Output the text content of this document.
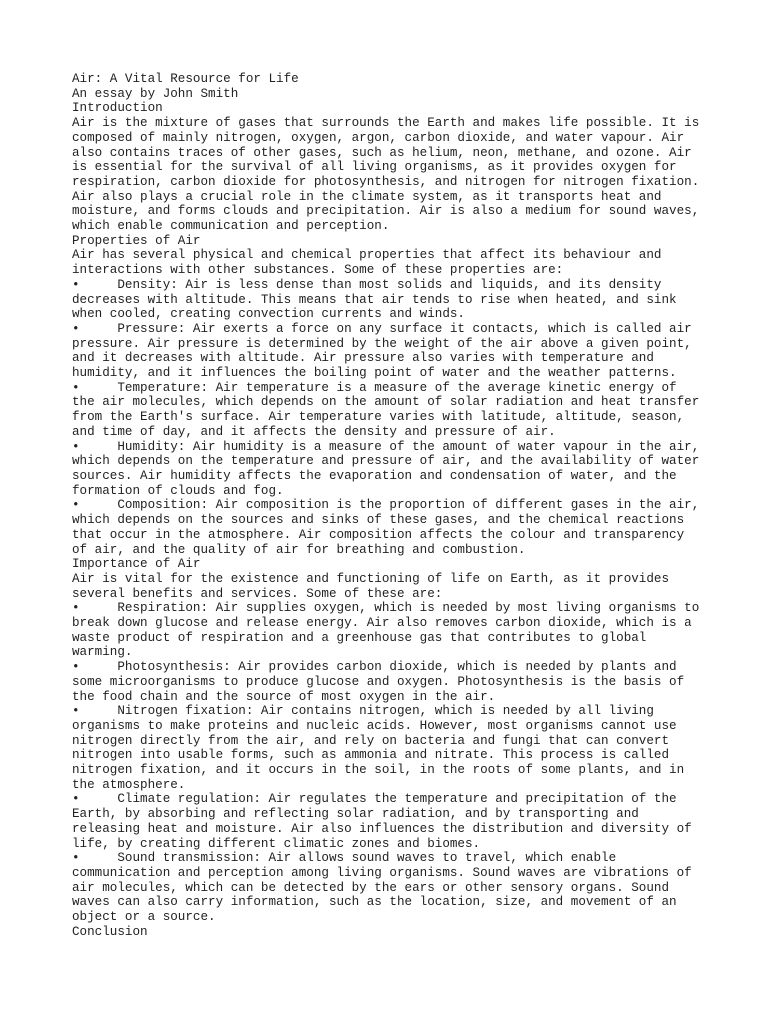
Air: A Vital Resource for Life

An essay by John Smith

Introduction

Air is the mixture of gases that surrounds the Earth and makes life possible. It is composed of mainly nitrogen, oxygen, argon, carbon dioxide, and water vapour. Air also contains traces of other gases, such as helium, neon, methane, and ozone. Air is essential for the survival of all living organisms, as it provides oxygen for respiration, carbon dioxide for photosynthesis, and nitrogen for nitrogen fixation. Air also plays a crucial role in the climate system, as it transports heat and moisture, and forms clouds and precipitation. Air is also a medium for sound waves, which enable communication and perception.

Properties of Air

Air has several physical and chemical properties that affect its behaviour and interactions with other substances. Some of these properties are:

•     Density: Air is less dense than most solids and liquids, and its density decreases with altitude. This means that air tends to rise when heated, and sink when cooled, creating convection currents and winds.

•     Pressure: Air exerts a force on any surface it contacts, which is called air pressure. Air pressure is determined by the weight of the air above a given point, and it decreases with altitude. Air pressure also varies with temperature and humidity, and it influences the boiling point of water and the weather patterns.

•     Temperature: Air temperature is a measure of the average kinetic energy of the air molecules, which depends on the amount of solar radiation and heat transfer from the Earth's surface. Air temperature varies with latitude, altitude, season, and time of day, and it affects the density and pressure of air.

•     Humidity: Air humidity is a measure of the amount of water vapour in the air, which depends on the temperature and pressure of air, and the availability of water sources. Air humidity affects the evaporation and condensation of water, and the formation of clouds and fog.

•     Composition: Air composition is the proportion of different gases in the air, which depends on the sources and sinks of these gases, and the chemical reactions that occur in the atmosphere. Air composition affects the colour and transparency of air, and the quality of air for breathing and combustion.

Importance of Air

Air is vital for the existence and functioning of life on Earth, as it provides several benefits and services. Some of these are:

•     Respiration: Air supplies oxygen, which is needed by most living organisms to break down glucose and release energy. Air also removes carbon dioxide, which is a waste product of respiration and a greenhouse gas that contributes to global warming.

•     Photosynthesis: Air provides carbon dioxide, which is needed by plants and some microorganisms to produce glucose and oxygen. Photosynthesis is the basis of the food chain and the source of most oxygen in the air.

•     Nitrogen fixation: Air contains nitrogen, which is needed by all living organisms to make proteins and nucleic acids. However, most organisms cannot use nitrogen directly from the air, and rely on bacteria and fungi that can convert nitrogen into usable forms, such as ammonia and nitrate. This process is called nitrogen fixation, and it occurs in the soil, in the roots of some plants, and in the atmosphere.

•     Climate regulation: Air regulates the temperature and precipitation of the Earth, by absorbing and reflecting solar radiation, and by transporting and releasing heat and moisture. Air also influences the distribution and diversity of life, by creating different climatic zones and biomes.

•     Sound transmission: Air allows sound waves to travel, which enable communication and perception among living organisms. Sound waves are vibrations of air molecules, which can be detected by the ears or other sensory organs. Sound waves can also carry information, such as the location, size, and movement of an object or a source.

Conclusion
